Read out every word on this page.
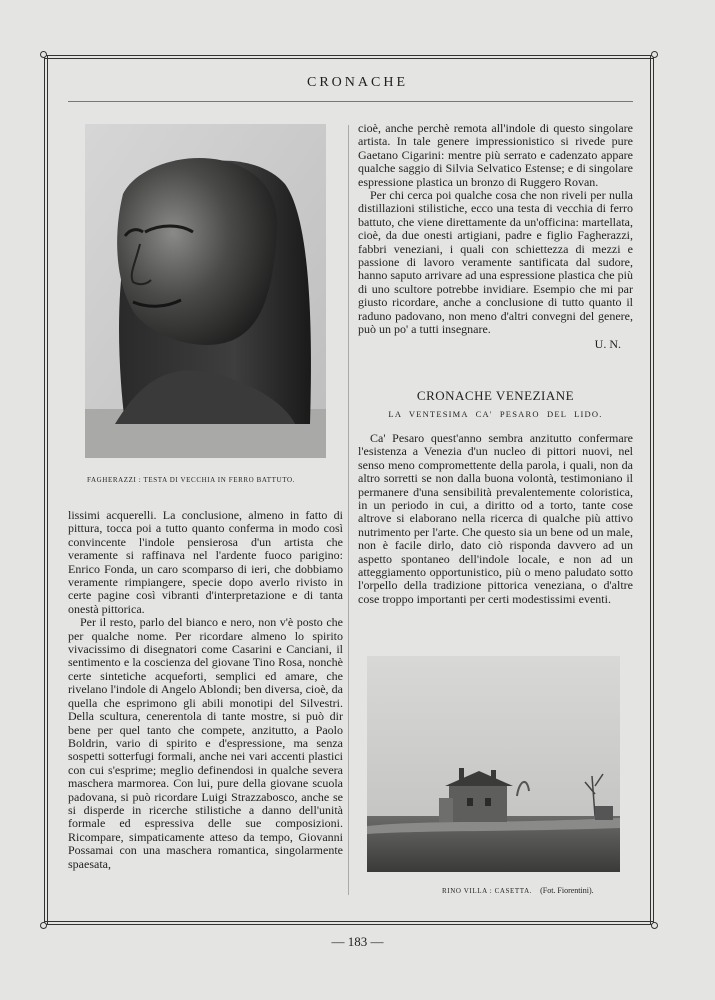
CRONACHE
FAGHERAZZI : TESTA DI VECCHIA IN FERRO BATTUTO.

lissimi acquerelli. La conclusione, almeno in fatto di pittura, tocca poi a tutto quanto conferma in modo così convincente l'indole pensierosa d'un artista che veramente si raffinava nel l'ardente fuoco parigino: Enrico Fonda, un caro scomparso di ieri, che dobbiamo veramente rimpiangere, specie dopo averlo rivisto in certe pagine così vibranti d'interpretazione e di tanta onestà pittorica.

Per il resto, parlo del bianco e nero, non v'è posto che per qualche nome. Per ricordare almeno lo spirito vivacissimo di disegnatori come Casarini e Canciani, il sentimento e la coscienza del giovane Tino Rosa, nonchè certe sintetiche acqueforti, semplici ed amare, che rivelano l'indole di Angelo Ablondi; ben diversa, cioè, da quella che esprimono gli abili monotipi del Silvestri. Della scultura, cenerentola di tante mostre, si può dir bene per quel tanto che compete, anzitutto, a Paolo Boldrin, vario di spirito e d'espressione, ma senza sospetti sotterfugi formali, anche nei vari accenti plastici con cui s'esprime; meglio definendosi in qualche severa maschera marmorea. Con lui, pure della giovane scuola padovana, si può ricordare Luigi Strazzabosco, anche se si disperde in ricerche stilistiche a danno dell'unità formale ed espressiva delle sue composizioni. Ricompare, simpaticamente atteso da tempo, Giovanni Possamai con una maschera romantica, singolarmente spaesata,

cioè, anche perchè remota all'indole di questo singolare artista. In tale genere impressionistico si rivede pure Gaetano Cigarini: mentre più serrato e cadenzato appare qualche saggio di Silvia Selvatico Estense; e di singolare espressione plastica un bronzo di Ruggero Rovan.

Per chi cerca poi qualche cosa che non riveli per nulla distillazioni stilistiche, ecco una testa di vecchia di ferro battuto, che viene direttamente da un'officina: martellata, cioè, da due onesti artigiani, padre e figlio Fagherazzi, fabbri veneziani, i quali con schiettezza di mezzi e passione di lavoro veramente santificata dal sudore, hanno saputo arrivare ad una espressione plastica che più di uno scultore potrebbe invidiare. Esempio che mi par giusto ricordare, anche a conclusione di tutto quanto il raduno padovano, non meno d'altri convegni del genere, può un po' a tutti insegnare.

U. N.
CRONACHE VENEZIANE
LA VENTESIMA CA' PESARO DEL LIDO.

Ca' Pesaro quest'anno sembra anzitutto confermare l'esistenza a Venezia d'un nucleo di pittori nuovi, nel senso meno compromettente della parola, i quali, non da altro sorretti se non dalla buona volontà, testimoniano il permanere d'una sensibilità prevalentemente coloristica, in un periodo in cui, a diritto od a torto, tante cose altrove si elaborano nella ricerca di qualche più attivo nutrimento per l'arte. Che questo sia un bene od un male, non è facile dirlo, dato ciò risponda davvero ad un aspetto spontaneo dell'indole locale, e non ad un atteggiamento opportunistico, più o meno paludato sotto l'orpello della tradizione pittorica veneziana, o d'altre cose troppo importanti per certi modestissimi eventi.

RINO VILLA : CASETTA. (Fot. Fiorentini).
— 183 —
